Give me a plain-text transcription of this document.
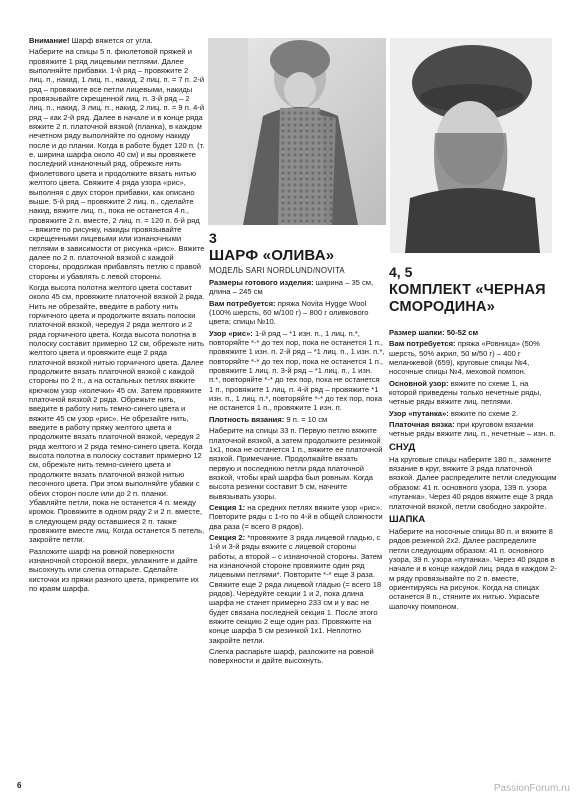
Внимание! Шарф вяжется от угла.

Наберите на спицы 5 п. фиолетовой пряжей и провяжите 1 ряд лицевыми петлями. Далее выполняйте прибавки. 1-й ряд – провяжите 2 лиц. п., накид, 1 лиц. п., накид, 2 лиц. п. = 7 п. 2-й ряд – провяжите все петли лицевыми, накиды провязывайте скрещенной лиц. п. 3-й ряд – 2 лиц. п., накид, 3 лиц. п., накид, 2 лиц. п. = 9 п. 4-й ряд – как 2-й ряд. Далее в начале и в конце ряда вяжите 2 п. платочной вязкой (планка), в каждом нечетном ряду выполняйте по одному накиду после и до планки. Когда в работе будет 120 п. (т. е. ширина шарфа около 40 см) и вы провяжете последний изнаночный ряд, обрежьте нить фиолетового цвета и продолжите вязать нитью желтого цвета. Свяжите 4 ряда узора «рис», выполняя с двух сторон прибавки, как описано выше. 5-й ряд – провяжите 2 лиц. п., сделайте накид, вяжите лиц. п., пока не останется 4 п., провяжите 2 п. вместе, 2 лиц. п. = 120 п. 6-й ряд – вяжите по рисунку, накиды провязывайте скрещенными лицевыми или изнаночными петлями в зависимости от рисунка «рис». Вяжите далее по 2 п. платочной вязкой с каждой стороны, продолжая прибавлять петлю с правой стороны и убавлять с левой стороны.

Когда высота полотна желтого цвета составит около 45 см, провяжите платочной вязкой 2 ряда. Нить не обрезайте, введите в работу нить горчичного цвета и продолжите вязать полоски платочной вязкой, чередуя 2 ряда желтого и 2 ряда горчичного цвета. Когда высота полотна в полоску составит примерно 12 см, обрежьте нить желтого цвета и провяжите еще 2 ряда платочной вязкой нитью горчичного цвета. Далее продолжите вязать платочной вязкой с каждой стороны по 2 п., а на остальных петлях вяжите крючком узор «колечки» 45 см. Затем провяжите платочной вязкой 2 ряда. Обрежьте нить, введите в работу нить темно-синего цвета и вяжите 45 см узор «рис». Не обрезайте нить, введите в работу пряжу желтого цвета и продолжите вязать платочной вязкой, чередуя 2 ряда желтого и 2 ряда темно-синего цвета. Когда высота полотна в полоску составит примерно 12 см, обрежьте нить темно-синего цвета и продолжите вязать платочной вязкой нитью песочного цвета. При этом выполняйте убавки с обеих сторон после или до 2 п. планки. Убавляйте петли, пока не останется 4 п. между кромок. Провяжите в одном ряду 2 и 2 п. вмeсте, в следующем ряду оставшиеся 2 п. также провяжите вместе лиц. Когда останется 5 петель, закройте петли.

Разложите шарф на ровной поверхности изнаночной стороной вверх, увлажните и дайте высохнуть или слегка отпарьте. Сделайте кисточки из пряжи разного цвета, прикрепите их по краям шарфа.

3
ШАРФ «ОЛИВА»
МОДЕЛЬ SARI NORDLUND/NOVITA

Размеры готового изделия: ширина – 35 см, длина – 245 см

Вам потребуется: пряжа Novita Hygge Wool (100% шерсть, 60 м/100 г) – 800 г оливкового цвета; спицы №10.

Узор «рис»: 1-й ряд – *1 изн. п., 1 лиц. п.*, повторяйте *-* до тех пор, пока не останется 1 п., провяжите 1 изн. п. 2-й ряд – *1 лиц. п., 1 изн. п.*, повторяйте *-* до тех пор, пока не останется 1 п., провяжите 1 лиц. п. 3-й ряд – *1 лиц. п., 1 изн. п.*, повторяйте *-* до тех пор, пока не останется 1 п., провяжите 1 лиц. п. 4-й ряд – провяжите *1 изн. п., 1 лиц. п.*, повторяйте *-* до тех пор, пока не останется 1 п., провяжите 1 изн. п.

Плотность вязания: 9 п. = 10 см

Наберите на спицы 33 п. Первую петлю вяжите платочной вязкой, а затем продолжите резинкой 1х1, пока не останется 1 п., вяжите ее платочной вязкой. Примечание. Продолжайте вязать первую и последнюю петли ряда платочной вязкой, чтобы край шарфа был ровным. Когда высота резинки составит 5 см, начните вывязывать узоры.

Секция 1: на средних петлях вяжите узор «рис». Повторите ряды с 1-го по 4-й в общей сложности два раза (= всего 8 рядов).

Секция 2: *провяжите 3 ряда лицевой гладью, с 1-й и 3-й ряды вяжите с лицевой стороны работы, а второй – с изнаночной стороны. Затем на изнаночной стороне провяжите один ряд лицевыми петлями*. Повторите *-* еще 3 раза. Свяжите еще 2 ряда лицевой гладью (= всего 18 рядов). Чередуйте секции 1 и 2, пока длина шарфа не станет примерно 233 см и у вас не будет связана последней секция 1. После этого вяжите секцию 2 еще один раз. Провяжите на конце шарфа 5 см резинкой 1х1. Неплотно закройте петли.

Слегка распарьте шарф, разложите на ровной поверхности и дайте высохнуть.

4, 5
КОМПЛЕКТ «ЧЕРНАЯ СМОРОДИНА»

Размер шапки: 50-52 см

Вам потребуется: пряжа «Ровница» (50% шерсть, 50% акрил, 50 м/50 г) – 400 г меланжевой (659), круговые спицы №4, носочные спицы №4, меховой помпон.

Основной узор: вяжите по схеме 1, на которой приведены только нечетные ряды, четные ряды вяжите лиц. петлями.

Узор «путанка»: вяжите по схеме 2.

Платочная вязка: при круговом вязании четные ряды вяжите лиц. п., нечетные – изн. п.

СНУД

На круговые спицы наберите 180 п., замкните вязание в круг, вяжите 3 ряда платочной вязкой. Далее распределите петли следующим образом: 41 п. основного узора, 139 п. узора «путанка». Через 40 рядов вяжите еще 3 ряда платочной вязкой, петли свободно закройте.

ШАПКА

Наберите на носочные спицы 80 п. и вяжите 8 рядов резинкой 2х2. Далее распределите петли следующим образом: 41 п. основного узора, 39 п. узора «путанка». Через 40 рядов в начале и в конце каждой лиц. ряда в каждом 2-м ряду провязывайте по 2 п. вместе, ориентируясь на рисунок. Когда на спицах останется 8 п., стяните их нитью. Украсьте шапочку помпоном.

6	PassionForum.ru
